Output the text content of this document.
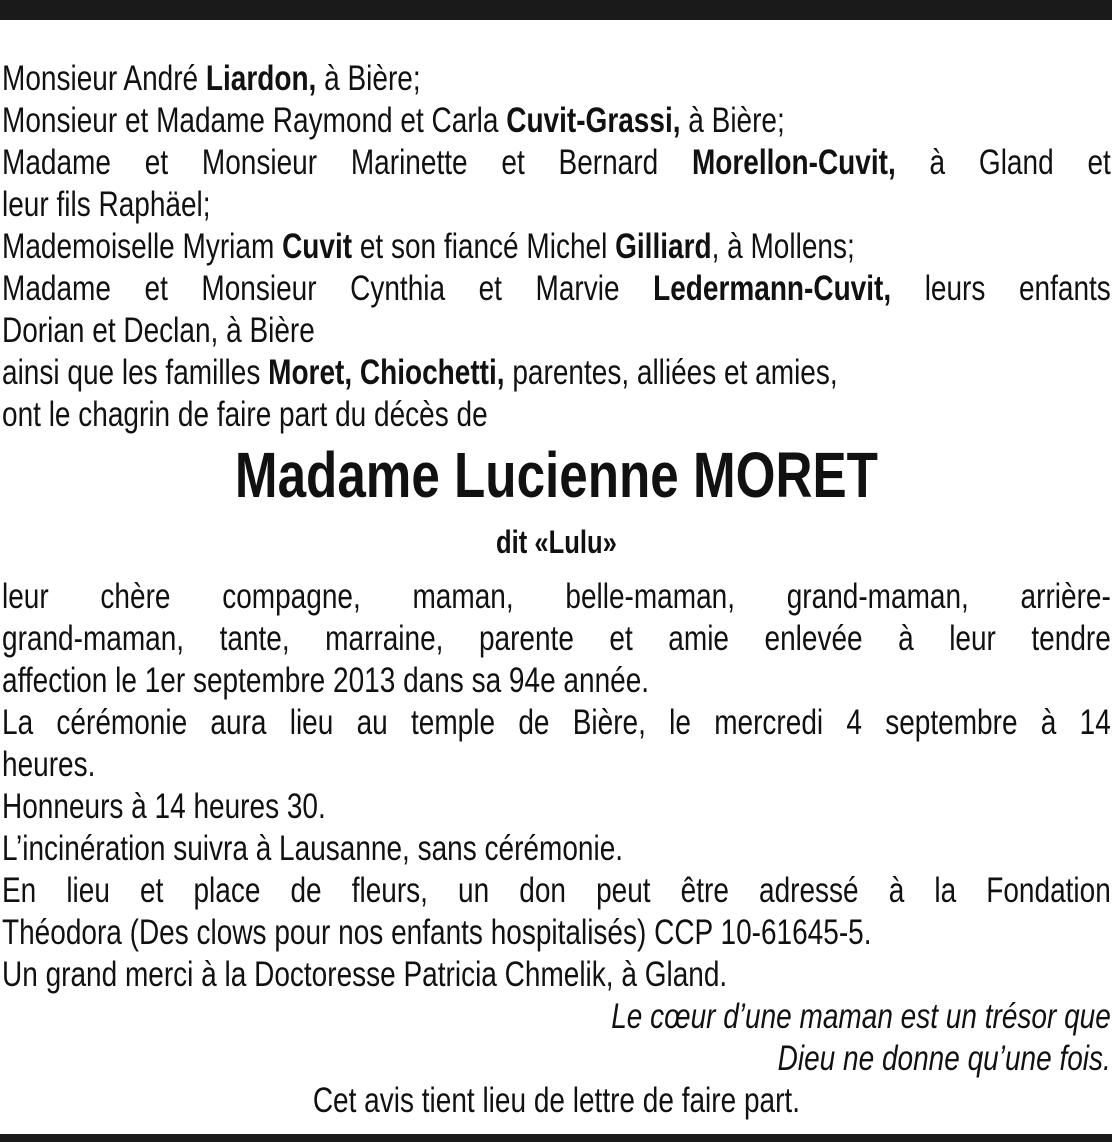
Monsieur André Liardon, à Bière;
Monsieur et Madame Raymond et Carla Cuvit-Grassi, à Bière;
Madame et Monsieur Marinette et Bernard Morellon-Cuvit, à Gland et
leur fils Raphäel;
Mademoiselle Myriam Cuvit et son fiancé Michel Gilliard, à Mollens;
Madame et Monsieur Cynthia et Marvie Ledermann-Cuvit, leurs enfants
Dorian et Declan, à Bière
ainsi que les familles Moret, Chiochetti, parentes, alliées et amies,
ont le chagrin de faire part du décès de
Madame Lucienne MORET
dit «Lulu»
leur chère compagne, maman, belle-maman, grand-maman, arrière-
grand-maman, tante, marraine, parente et amie enlevée à leur tendre
affection le 1er septembre 2013 dans sa 94e année.
La cérémonie aura lieu au temple de Bière, le mercredi 4 septembre à 14
heures.
Honneurs à 14 heures 30.
L’incinération suivra à Lausanne, sans cérémonie.
En lieu et place de fleurs, un don peut être adressé à la Fondation
Théodora (Des clows pour nos enfants hospitalisés) CCP 10-61645-5.
Un grand merci à la Doctoresse Patricia Chmelik, à Gland.
Le cœur d’une maman est un trésor que
Dieu ne donne qu’une fois.
Cet avis tient lieu de lettre de faire part.
